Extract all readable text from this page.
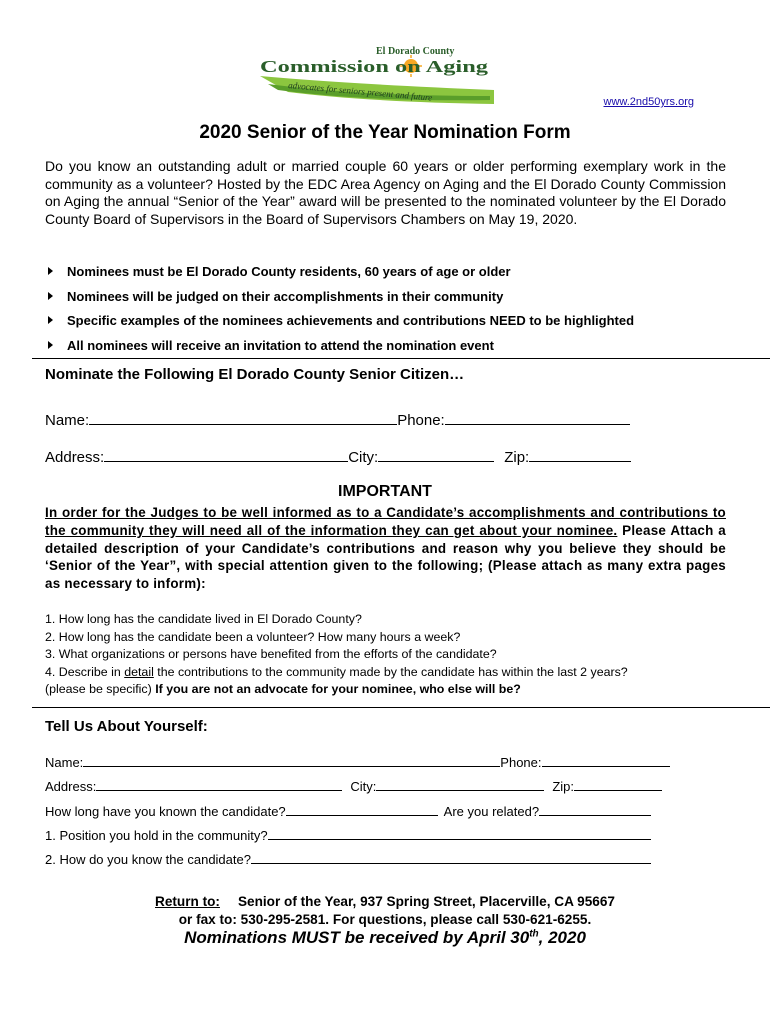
El Dorado County
Commission on Aging
advocates for seniors present and future	www.2nd50yrs.org
2020 Senior of the Year Nomination Form
Do you know an outstanding adult or married couple 60 years or older performing exemplary work in the community as a volunteer? Hosted by the EDC Area Agency on Aging and the El Dorado County Commission on Aging the annual “Senior of the Year” award will be presented to the nominated volunteer by the El Dorado County Board of Supervisors in the Board of Supervisors Chambers on May 19, 2020.
Nominees must be El Dorado County residents, 60 years of age or older
Nominees will be judged on their accomplishments in their community
Specific examples of the nominees achievements and contributions NEED to be highlighted
All nominees will receive an invitation to attend the nomination event
Nominate the Following El Dorado County Senior Citizen…
Name:	Phone:
Address:	City:	Zip:
IMPORTANT
In order for the Judges to be well informed as to a Candidate’s accomplishments and contributions to the community they will need all of the information they can get about your nominee. Please Attach a detailed description of your Candidate’s contributions and reason why you believe they should be ‘Senior of the Year”, with special attention given to the following; (Please attach as many extra pages as necessary to inform):
1. How long has the candidate lived in El Dorado County?
2. How long has the candidate been a volunteer? How many hours a week?
3. What organizations or persons have benefited from the efforts of the candidate?
4. Describe in detail the contributions to the community made by the candidate has within the last 2 years?
(please be specific) If you are not an advocate for your nominee, who else will be?
Tell Us About Yourself:
Name:	Phone:
Address:	City:	Zip:
How long have you known the candidate?	Are you related?
1. Position you hold in the community?
2. How do you know the candidate?
Return to: Senior of the Year, 937 Spring Street, Placerville, CA 95667
or fax to: 530-295-2581. For questions, please call 530-621-6255.
Nominations MUST be received by April 30th, 2020
